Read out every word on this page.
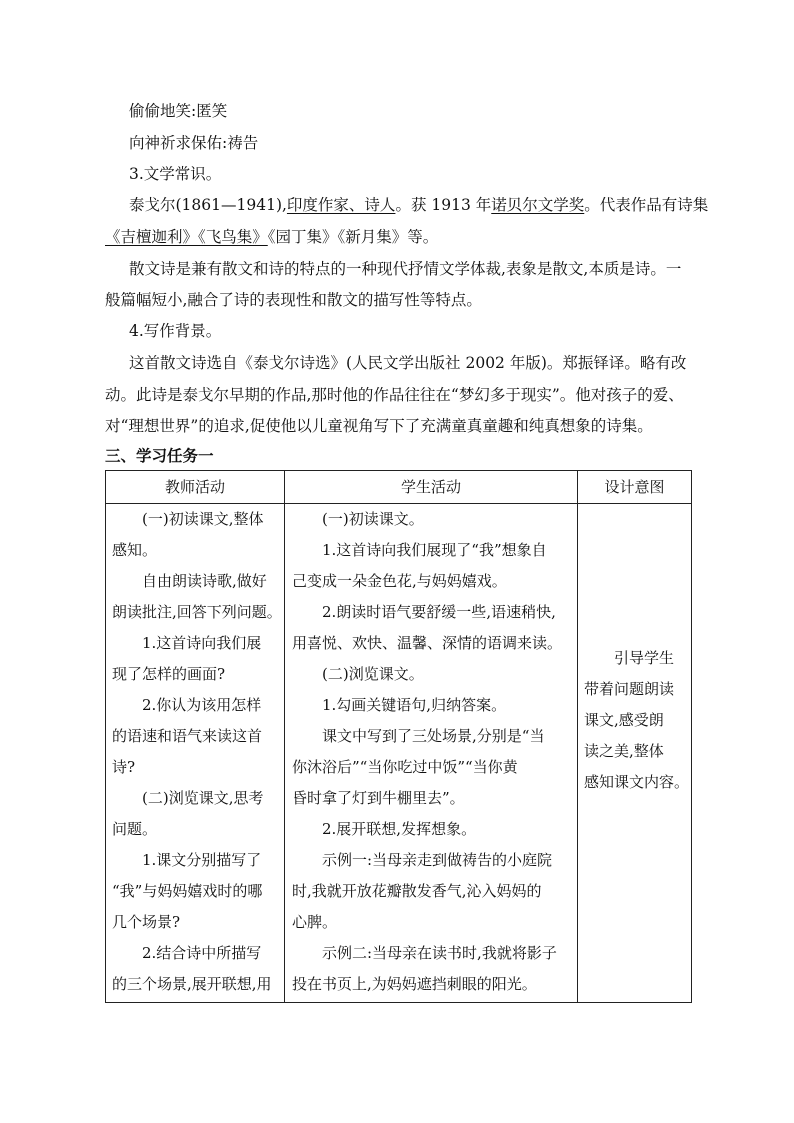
偷偷地笑:匿笑
向神祈求保佑:祷告
3.文学常识。
泰戈尔(1861—1941),印度作家、诗人。获 1913 年诺贝尔文学奖。代表作品有诗集
《吉檀迦利》《飞鸟集》《园丁集》《新月集》等。
散文诗是兼有散文和诗的特点的一种现代抒情文学体裁,表象是散文,本质是诗。一
般篇幅短小,融合了诗的表现性和散文的描写性等特点。
4.写作背景。
这首散文诗选自《泰戈尔诗选》(人民文学出版社 2002 年版)。郑振铎译。略有改
动。此诗是泰戈尔早期的作品,那时他的作品往往在“梦幻多于现实”。他对孩子的爱、
对“理想世界”的追求,促使他以儿童视角写下了充满童真童趣和纯真想象的诗集。
三、学习任务一
教师活动	学生活动	设计意图
(一)初读课文,整体
感知。
自由朗读诗歌,做好
朗读批注,回答下列问题。
1.这首诗向我们展
现了怎样的画面?
2.你认为该用怎样
的语速和语气来读这首
诗?
(二)浏览课文,思考
问题。
1.课文分别描写了
“我”与妈妈嬉戏时的哪
几个场景?
2.结合诗中所描写
的三个场景,展开联想,用
(一)初读课文。
1.这首诗向我们展现了“我”想象自
己变成一朵金色花,与妈妈嬉戏。
2.朗读时语气要舒缓一些,语速稍快,
用喜悦、欢快、温馨、深情的语调来读。
(二)浏览课文。
1.勾画关键语句,归纳答案。
课文中写到了三处场景,分别是“当
你沐浴后”“当你吃过中饭”“当你黄
昏时拿了灯到牛棚里去”。
2.展开联想,发挥想象。
示例一:当母亲走到做祷告的小庭院
时,我就开放花瓣散发香气,沁入妈妈的
心脾。
示例二:当母亲在读书时,我就将影子
投在书页上,为妈妈遮挡刺眼的阳光。
引导学生
带着问题朗读
课文,感受朗
读之美,整体
感知课文内容。
